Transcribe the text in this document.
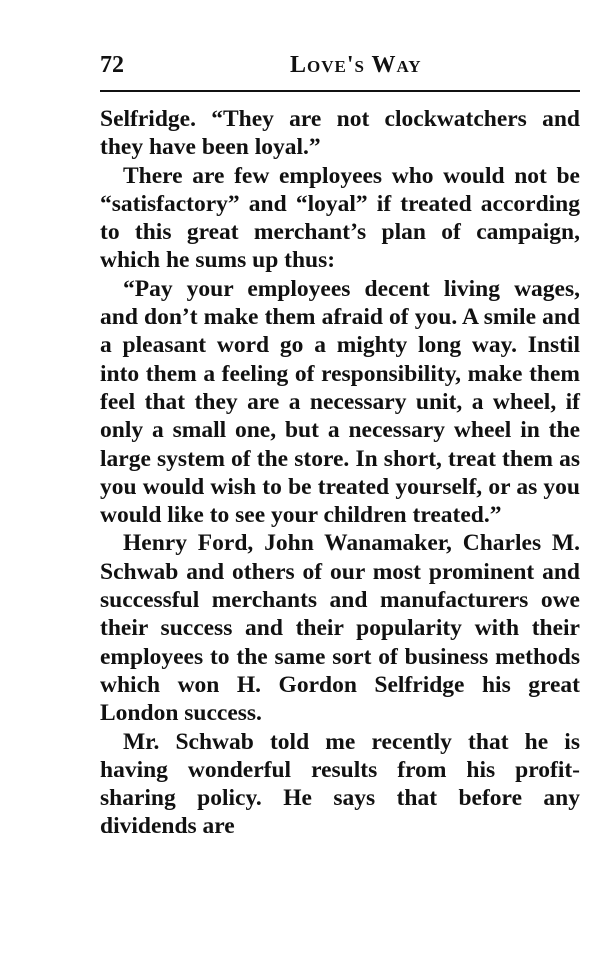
72	Love's Way

Selfridge. “They are not clockwatchers and they have been loyal.”

There are few employees who would not be “satisfactory” and “loyal” if treated according to this great merchant’s plan of campaign, which he sums up thus:

“Pay your employees decent living wages, and don’t make them afraid of you. A smile and a pleasant word go a mighty long way. Instil into them a feeling of responsibility, make them feel that they are a necessary unit, a wheel, if only a small one, but a necessary wheel in the large system of the store. In short, treat them as you would wish to be treated yourself, or as you would like to see your children treated.”

Henry Ford, John Wanamaker, Charles M. Schwab and others of our most prominent and successful merchants and manufacturers owe their success and their popularity with their employees to the same sort of business methods which won H. Gordon Selfridge his great London success.

Mr. Schwab told me recently that he is having wonderful results from his profit-sharing policy. He says that before any dividends are
